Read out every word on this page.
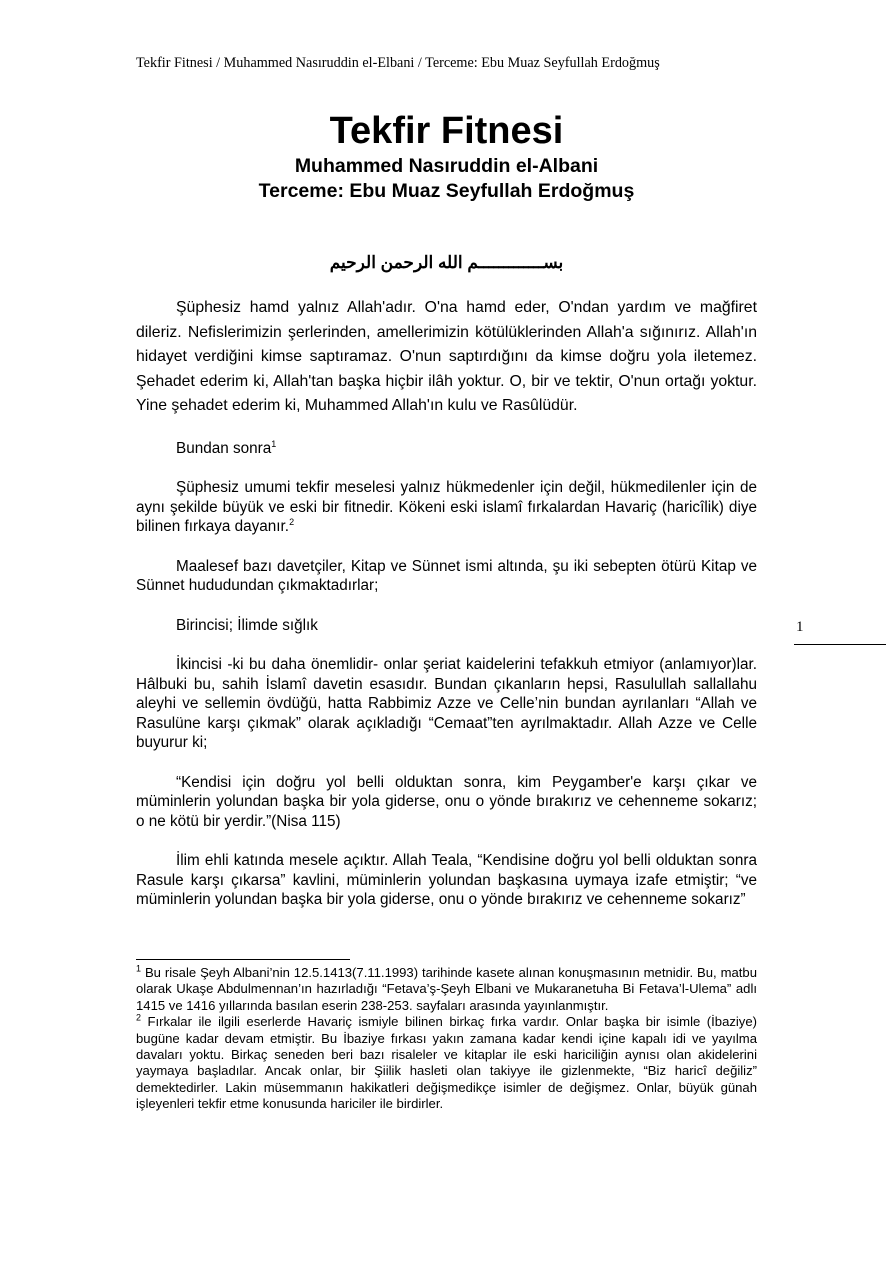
Tekfir Fitnesi / Muhammed Nasıruddin el-Elbani / Terceme: Ebu Muaz Seyfullah Erdoğmuş
Tekfir Fitnesi
Muhammed Nasıruddin el-Albani
Terceme: Ebu Muaz Seyfullah Erdoğmuş
بســـــــــــــم الله الرحمن الرحيم

Şüphesiz hamd yalnız Allah'adır. O'na hamd eder, O'ndan yardım ve mağfiret dileriz. Nefislerimizin şerlerinden, amellerimizin kötülüklerinden Allah'a sığınırız. Allah'ın hidayet verdiğini kimse saptıramaz. O'nun saptırdığını da kimse doğru yola iletemez. Şehadet ederim ki, Allah'tan başka hiçbir ilâh yoktur. O, bir ve tektir, O'nun ortağı yoktur. Yine şehadet ederim ki, Muhammed Allah'ın kulu ve Rasûlüdür.

Bundan sonra$^1$

Şüphesiz umumi tekfir meselesi yalnız hükmedenler için değil, hükmedilenler için de aynı şekilde büyük ve eski bir fitnedir. Kökeni eski islamî fırkalardan Havariç (haricîlik) diye bilinen fırkaya dayanır.$^2$

Maalesef bazı davetçiler, Kitap ve Sünnet ismi altında, şu iki sebepten ötürü Kitap ve Sünnet hududundan çıkmaktadırlar;

Birincisi; İlimde sığlık

İkincisi -ki bu daha önemlidir- onlar şeriat kaidelerini tefakkuh etmiyor (anlamıyor)lar. Hâlbuki bu, sahih İslamî davetin esasıdır. Bundan çıkanların hepsi, Rasulullah sallallahu aleyhi ve sellemin övdüğü, hatta Rabbimiz Azze ve Celle’nin bundan ayrılanları “Allah ve Rasulüne karşı çıkmak” olarak açıkladığı “Cemaat”ten ayrılmaktadır. Allah Azze ve Celle buyurur ki;

“Kendisi için doğru yol belli olduktan sonra, kim Peygamber'e karşı çıkar ve müminlerin yolundan başka bir yola giderse, onu o yönde bırakırız ve cehenneme sokarız; o ne kötü bir yerdir.”(Nisa 115)

İlim ehli katında mesele açıktır. Allah Teala, “Kendisine doğru yol belli olduktan sonra Rasule karşı çıkarsa” kavlini, müminlerin yolundan başkasına uymaya izafe etmiştir; “ve müminlerin yolundan başka bir yola giderse, onu o yönde bırakırız ve cehenneme sokarız”

1

$^1$ Bu risale Şeyh Albani’nin 12.5.1413(7.11.1993) tarihinde kasete alınan konuşmasının metnidir. Bu, matbu olarak Ukaşe Abdulmennan’ın hazırladığı “Fetava’ş-Şeyh Elbani ve Mukaranetuha Bi Fetava’l-Ulema” adlı 1415 ve 1416 yıllarında basılan eserin 238-253. sayfaları arasında yayınlanmıştır.

$^2$ Fırkalar ile ilgili eserlerde Havariç ismiyle bilinen birkaç fırka vardır. Onlar başka bir isimle (İbaziye) bugüne kadar devam etmiştir. Bu İbaziye fırkası yakın zamana kadar kendi içine kapalı idi ve yayılma davaları yoktu. Birkaç seneden beri bazı risaleler ve kitaplar ile eski hariciliğin aynısı olan akidelerini yaymaya başladılar. Ancak onlar, bir Şiilik hasleti olan takiyye ile gizlenmekte, “Biz haricî değiliz” demektedirler. Lakin müsemmanın hakikatleri değişmedikçe isimler de değişmez. Onlar, büyük günah işleyenleri tekfir etme konusunda hariciler ile birdirler.
